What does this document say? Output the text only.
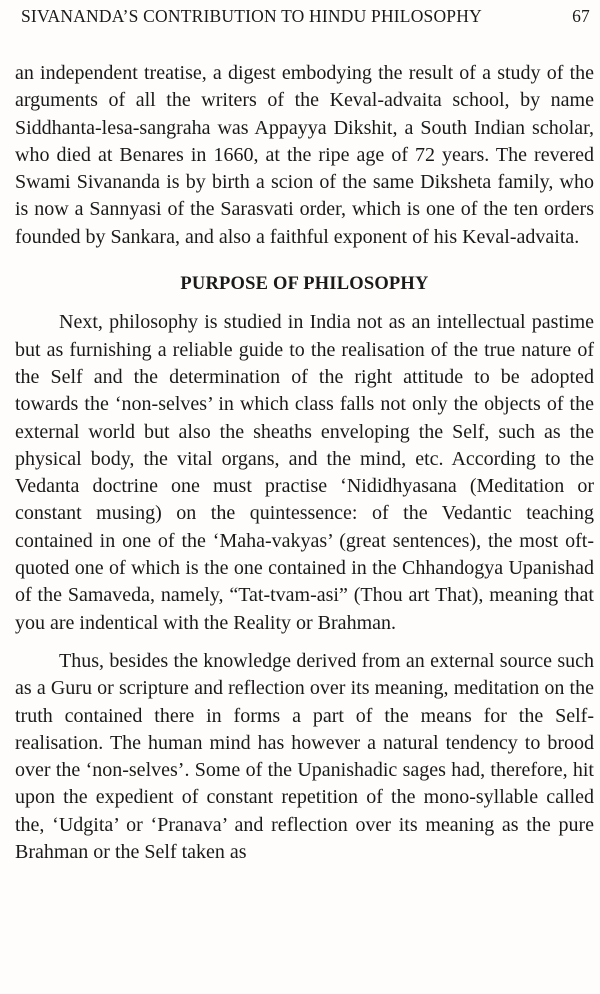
SIVANANDA’S CONTRIBUTION TO HINDU PHILOSOPHY	67

an independent treatise, a digest embodying the result of a study of the arguments of all the writers of the Keval-advaita school, by name Siddhanta-lesa-sangraha was Appayya Dikshit, a South Indian scholar, who died at Benares in 1660, at the ripe age of 72 years. The revered Swami Sivananda is by birth a scion of the same Diksheta family, who is now a Sannyasi of the Sarasvati order, which is one of the ten orders founded by Sankara, and also a faithful exponent of his Keval-advaita.

PURPOSE OF PHILOSOPHY

Next, philosophy is studied in India not as an intellectual pastime but as furnishing a reliable guide to the realisation of the true nature of the Self and the determination of the right attitude to be adopted towards the ‘non-selves’ in which class falls not only the objects of the external world but also the sheaths enveloping the Self, such as the physical body, the vital organs, and the mind, etc. According to the Vedanta doctrine one must practise ‘Nididhyasana (Meditation or constant musing) on the quintessence: of the Vedantic teaching contained in one of the ‘Maha-vakyas’ (great sentences), the most oft-quoted one of which is the one contained in the Chhandogya Upanishad of the Samaveda, namely, “Tat-tvam-asi” (Thou art That), meaning that you are indentical with the Reality or Brahman.

Thus, besides the knowledge derived from an external source such as a Guru or scripture and reflection over its meaning, meditation on the truth contained there in forms a part of the means for the Self-realisation. The human mind has however a natural tendency to brood over the ‘non-selves’. Some of the Upanishadic sages had, therefore, hit upon the expedient of constant repetition of the mono-syllable called the, ‘Udgita’ or ‘Pranava’ and reflection over its meaning as the pure Brahman or the Self taken as
